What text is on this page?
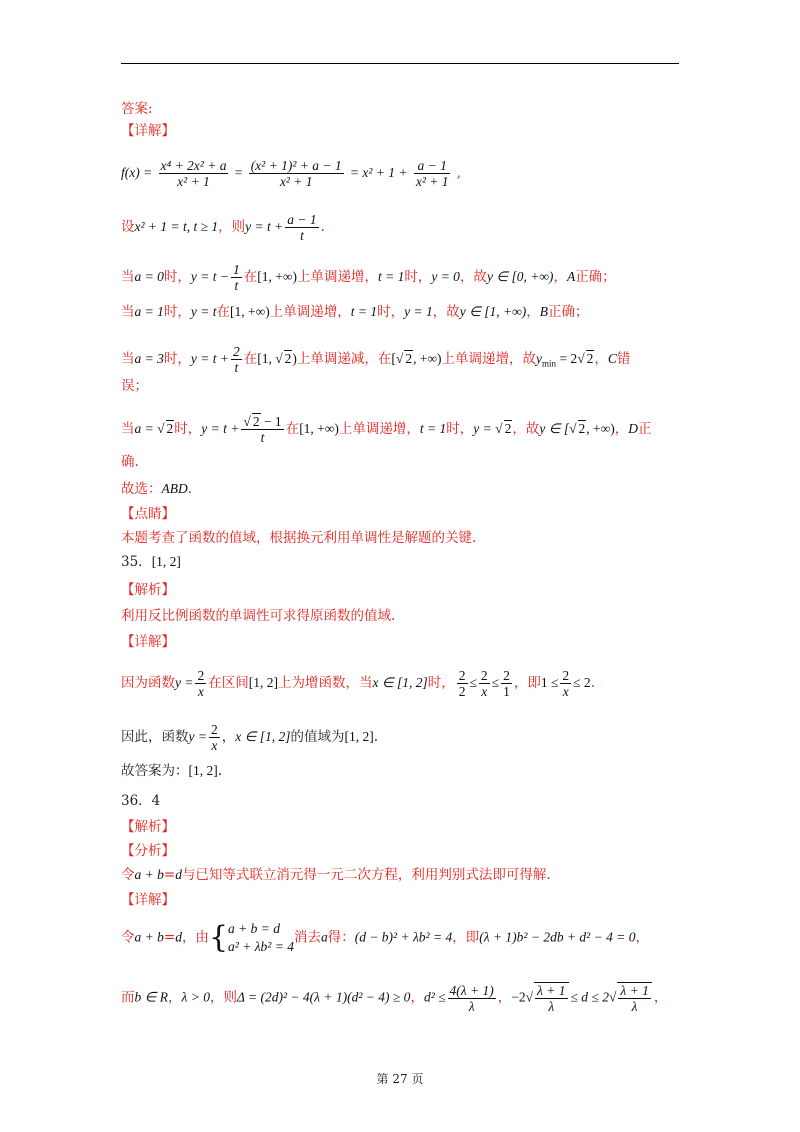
答案:
【详解】
$f(x) = \frac{\text{x⁴ + 2x² + a}}{\text{x² + 1}} = \frac{\text{(x² + 1)² + a − 1}}{\text{x² + 1}} = x^2 + 1 + \frac{a - 1}{\text{x² + 1}}$ ,
设x² + 1 = t, t ≥ 1，则$y = t + \frac{a - 1}{t}$ .
当a = 0时，$y = t - \frac{1}{t}$ 在[1, +∞)上单调递增，t = 1时，y = 0，故y ∈ [0, +∞)，A正确；
当a = 1时，y = t在[1, +∞)上单调递增，t = 1时，y = 1，故y ∈ [1, +∞)，B正确；
当a = 3时，$y = t + \frac{2}{t}$ 在[1, √ 2)上单调递减，在[√ 2, +∞)上单调递增，故$y_{min} = 2√$ 2，C错
误；
当a = √ 2时，$y = t + \frac{√ 2 - 1}{t}$ 在[1, +∞)上单调递增，t = 1时，y = √ 2，故y ∈ [√ 2, +∞)，D正
确.
故选：ABD.
【点睛】
本题考查了函数的值域，根据换元利用单调性是解题的关键.
35．[1, 2]
【解析】
利用反比例函数的单调性可求得原函数的值域.
【详解】
因为函数$y = \frac{2}{x}$ 在区间[1, 2]上为增函数，当x ∈ [1, 2]时， $\frac{2}{2} \le \frac{2}{x} \le \frac{2}{1}$ ，即$1 \le \frac{2}{x} \le 2$.
因此，函数$y = \frac{2}{x}$ ，x ∈ [1, 2]的值域为[1, 2].
故答案为：[1, 2].
36．4
【解析】
【分析】
令a + b=d与已知等式联立消元得一元二次方程，利用判别式法即可得解.
【详解】
令a + b=d，由{ a + b = d
a² + λb² = 4
消去a得：(d − b)² + λb² = 4，即(λ + 1)b² − 2db + d² − 4 = 0，
而b ∈ R，λ > 0，则Δ = (2d)² − 4(λ + 1)(d² − 4) ≥ 0，$d^2 \le \frac{4(\lambda + 1)}{\lambda}$ ，$-2√ \frac{\lambda + 1}{\lambda} \le d \le 2√ \frac{\lambda + 1}{\lambda}$ ，
第 27 页
